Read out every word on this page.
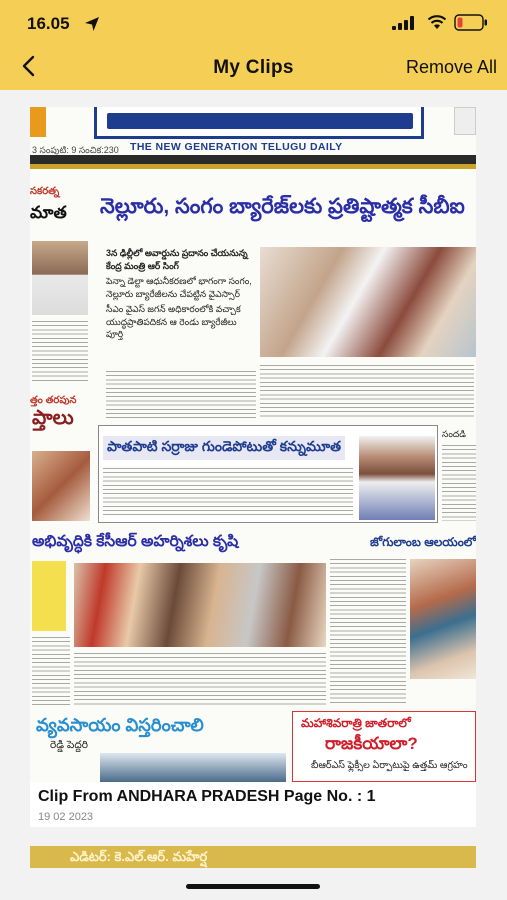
16.05
My Clips	Remove All
3 సంపుటి: 9 సంచిక:230 THE NEW GENERATION TELUGU DAILY
సకరత్న
మాత
త్తం తరపున
ప్తాలు
నెల్లూరు, సంగం బ్యారేజ్‌లకు ప్రతిష్టాత్మక సీబీఐ
3న ఢిల్లీలో అవార్డును ప్రదానం చేయనున్న కేంద్ర మంత్రి ఆర్ సింగ్
పెన్నా డెల్టా ఆధునీకరణలో భాగంగా సంగం, నెల్లూరు బ్యారేజీలను చేపట్టిన వైఎస్సార్
సీఎం వైఎస్ జగన్ అధికారంలోకి వచ్చాక యుద్ధప్రాతిపదికన ఆ రెండు బ్యారేజీలు పూర్తి
పాతపాటి సర్రాజు గుండెపోటుతో కన్నుమూత
సందడి
అభివృద్ధికి కేసీఆర్ అహర్నిశలు కృషి	జోగులాంబ ఆలయంలో
వ్యవసాయం విస్తరించాలి
రెడ్డి పెద్దరి
మహాశివరాత్రి జాతరాలో
రాజకీయాలా?
బీఆర్ఎస్ ఫ్లెక్సీల ఏర్పాటుపై ఉత్తమ్ ఆగ్రహం
Clip From ANDHARA PRADESH Page No. : 1
19 02 2023
ఎడిటర్: కె.ఎల్.ఆర్. మహేర్ష
